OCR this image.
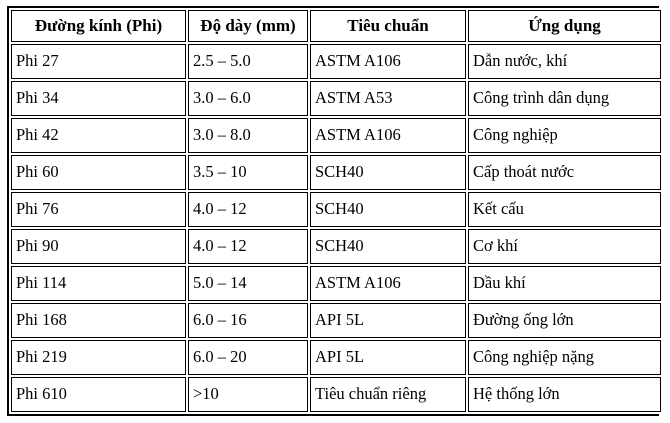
Đường kính (Phi)	Độ dày (mm)	Tiêu chuẩn	Ứng dụng
Phi 27	2.5 – 5.0	ASTM A106	Dẫn nước, khí
Phi 34	3.0 – 6.0	ASTM A53	Công trình dân dụng
Phi 42	3.0 – 8.0	ASTM A106	Công nghiệp
Phi 60	3.5 – 10	SCH40	Cấp thoát nước
Phi 76	4.0 – 12	SCH40	Kết cấu
Phi 90	4.0 – 12	SCH40	Cơ khí
Phi 114	5.0 – 14	ASTM A106	Dầu khí
Phi 168	6.0 – 16	API 5L	Đường ống lớn
Phi 219	6.0 – 20	API 5L	Công nghiệp nặng
Phi 610	>10	Tiêu chuẩn riêng	Hệ thống lớn
